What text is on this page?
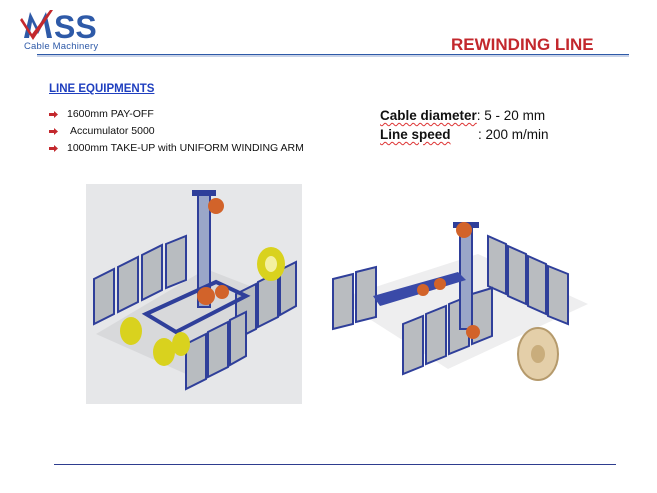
SS
Cable Machinery	REWINDING LINE
LINE EQUIPMENTS
1600mm PAY-OFF
Accumulator 5000
1000mm TAKE-UP with UNIFORM WINDING ARM
Cable diameter: 5 - 20 mm
Line speed : 200 m/min
